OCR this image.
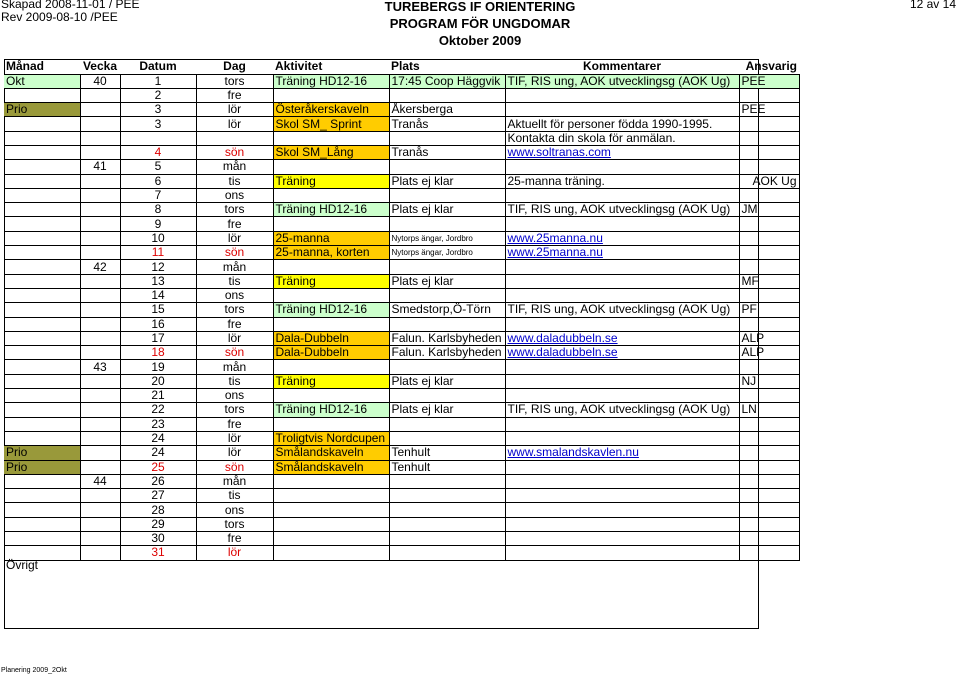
Skapad 2008-11-01 / PEE
Rev 2009-08-10 /PEE
TUREBERGS IF ORIENTERING
PROGRAM FÖR UNGDOMAR
Oktober 2009
12 av 14
Månad	Vecka	Datum	Dag	Aktivitet	Plats	Kommentarer	Ansvarig
Okt	40	1	tors	Träning HD12-16	17:45 Coop Häggvik	TIF, RIS ung, AOK utvecklingsg (AOK Ug)	PEE
		2	fre				
Prio		3	lör	Österåkerskaveln	Åkersberga		PEE
		3	lör	Skol SM_ Sprint	Tranås	Aktuellt för personer födda 1990-1995.	
						Kontakta din skola för anmälan.	
		4	sön	Skol SM_Lång	Tranås	www.soltranas.com	
	41	5	mån				
		6	tis	Träning	Plats ej klar	25-manna träning.	AOK Ug
		7	ons				
		8	tors	Träning HD12-16	Plats ej klar	TIF, RIS ung, AOK utvecklingsg (AOK Ug)	JM
		9	fre				
		10	lör	25-manna	Nytorps ängar, Jordbro	www.25manna.nu	
		11	sön	25-manna, korten	Nytorps ängar, Jordbro	www.25manna.nu	
	42	12	mån				
		13	tis	Träning	Plats ej klar		MF
		14	ons				
		15	tors	Träning HD12-16	Smedstorp,Ö-Törn	TIF, RIS ung, AOK utvecklingsg (AOK Ug)	PF
		16	fre				
		17	lör	Dala-Dubbeln	Falun. Karlsbyheden	www.daladubbeln.se	ALP
		18	sön	Dala-Dubbeln	Falun. Karlsbyheden	www.daladubbeln.se	ALP
	43	19	mån				
		20	tis	Träning	Plats ej klar		NJ
		21	ons				
		22	tors	Träning HD12-16	Plats ej klar	TIF, RIS ung, AOK utvecklingsg (AOK Ug)	LN
		23	fre				
		24	lör	Troligtvis Nordcupen			
Prio		24	lör	Smålandskaveln	Tenhult	www.smalandskavlen.nu	
Prio		25	sön	Smålandskaveln	Tenhult		
	44	26	mån				
		27	tis				
		28	ons				
		29	tors				
		30	fre				
		31	lör				
Övrigt
Planering 2009_2Okt
